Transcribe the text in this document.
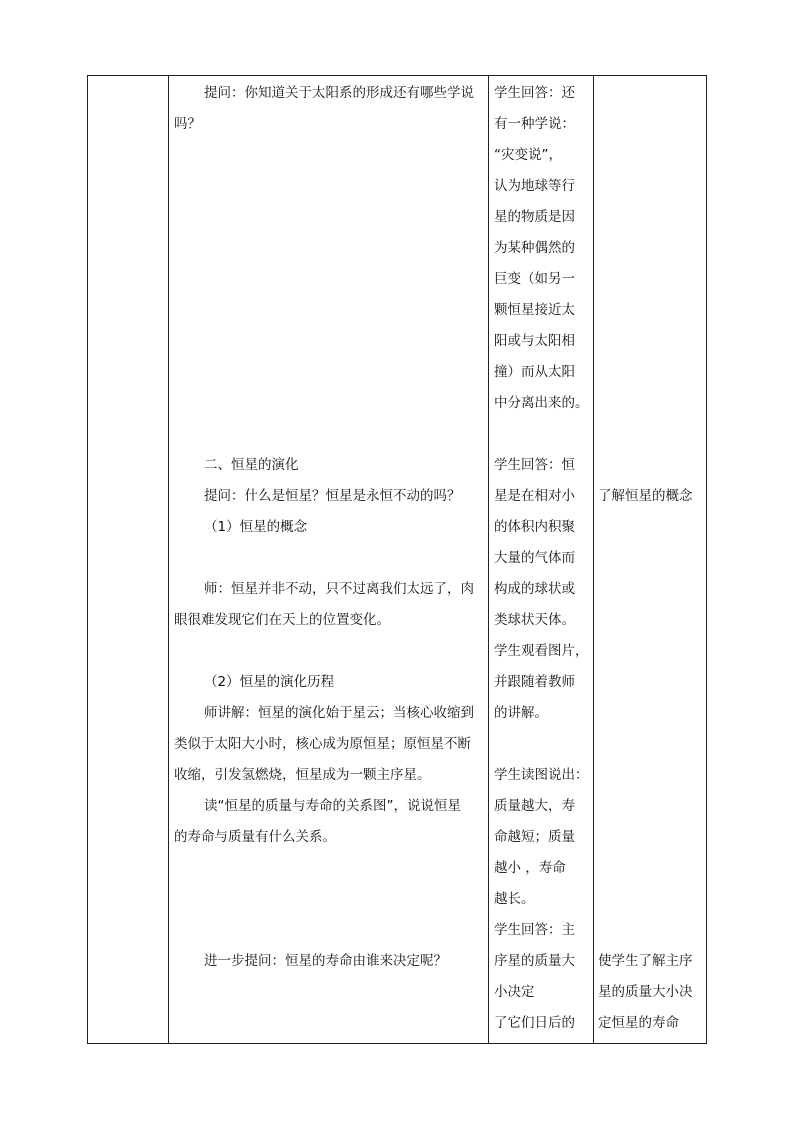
提问：你知道关于太阳系的形成还有哪些学说
吗？
二、恒星的演化
提问：什么是恒星？恒星是永恒不动的吗？
（1）恒星的概念
师：恒星并非不动，只不过离我们太远了，肉
眼很难发现它们在天上的位置变化。
（2）恒星的演化历程
师讲解：恒星的演化始于星云；当核心收缩到
类似于太阳大小时，核心成为原恒星；原恒星不断
收缩，引发氢燃烧，恒星成为一颗主序星。
读“恒星的质量与寿命的关系图”，说说恒星
的寿命与质量有什么关系。
进一步提问：恒星的寿命由谁来决定呢？
学生回答：还
有一种学说：
“灾变说”，
认为地球等行
星的物质是因
为某种偶然的
巨变（如另一
颗恒星接近太
阳或与太阳相
撞）而从太阳
中分离出来的。
学生回答：恒
星是在相对小
的体积内积聚
大量的气体而
构成的球状或
类球状天体。
学生观看图片，
并跟随着教师
的讲解。
学生读图说出：
质量越大，寿
命越短；质量
越小 ，寿命
越长。
学生回答：主
序星的质量大
小决定
了它们日后的
了解恒星的概念
使学生了解主序
星的质量大小决
定恒星的寿命
